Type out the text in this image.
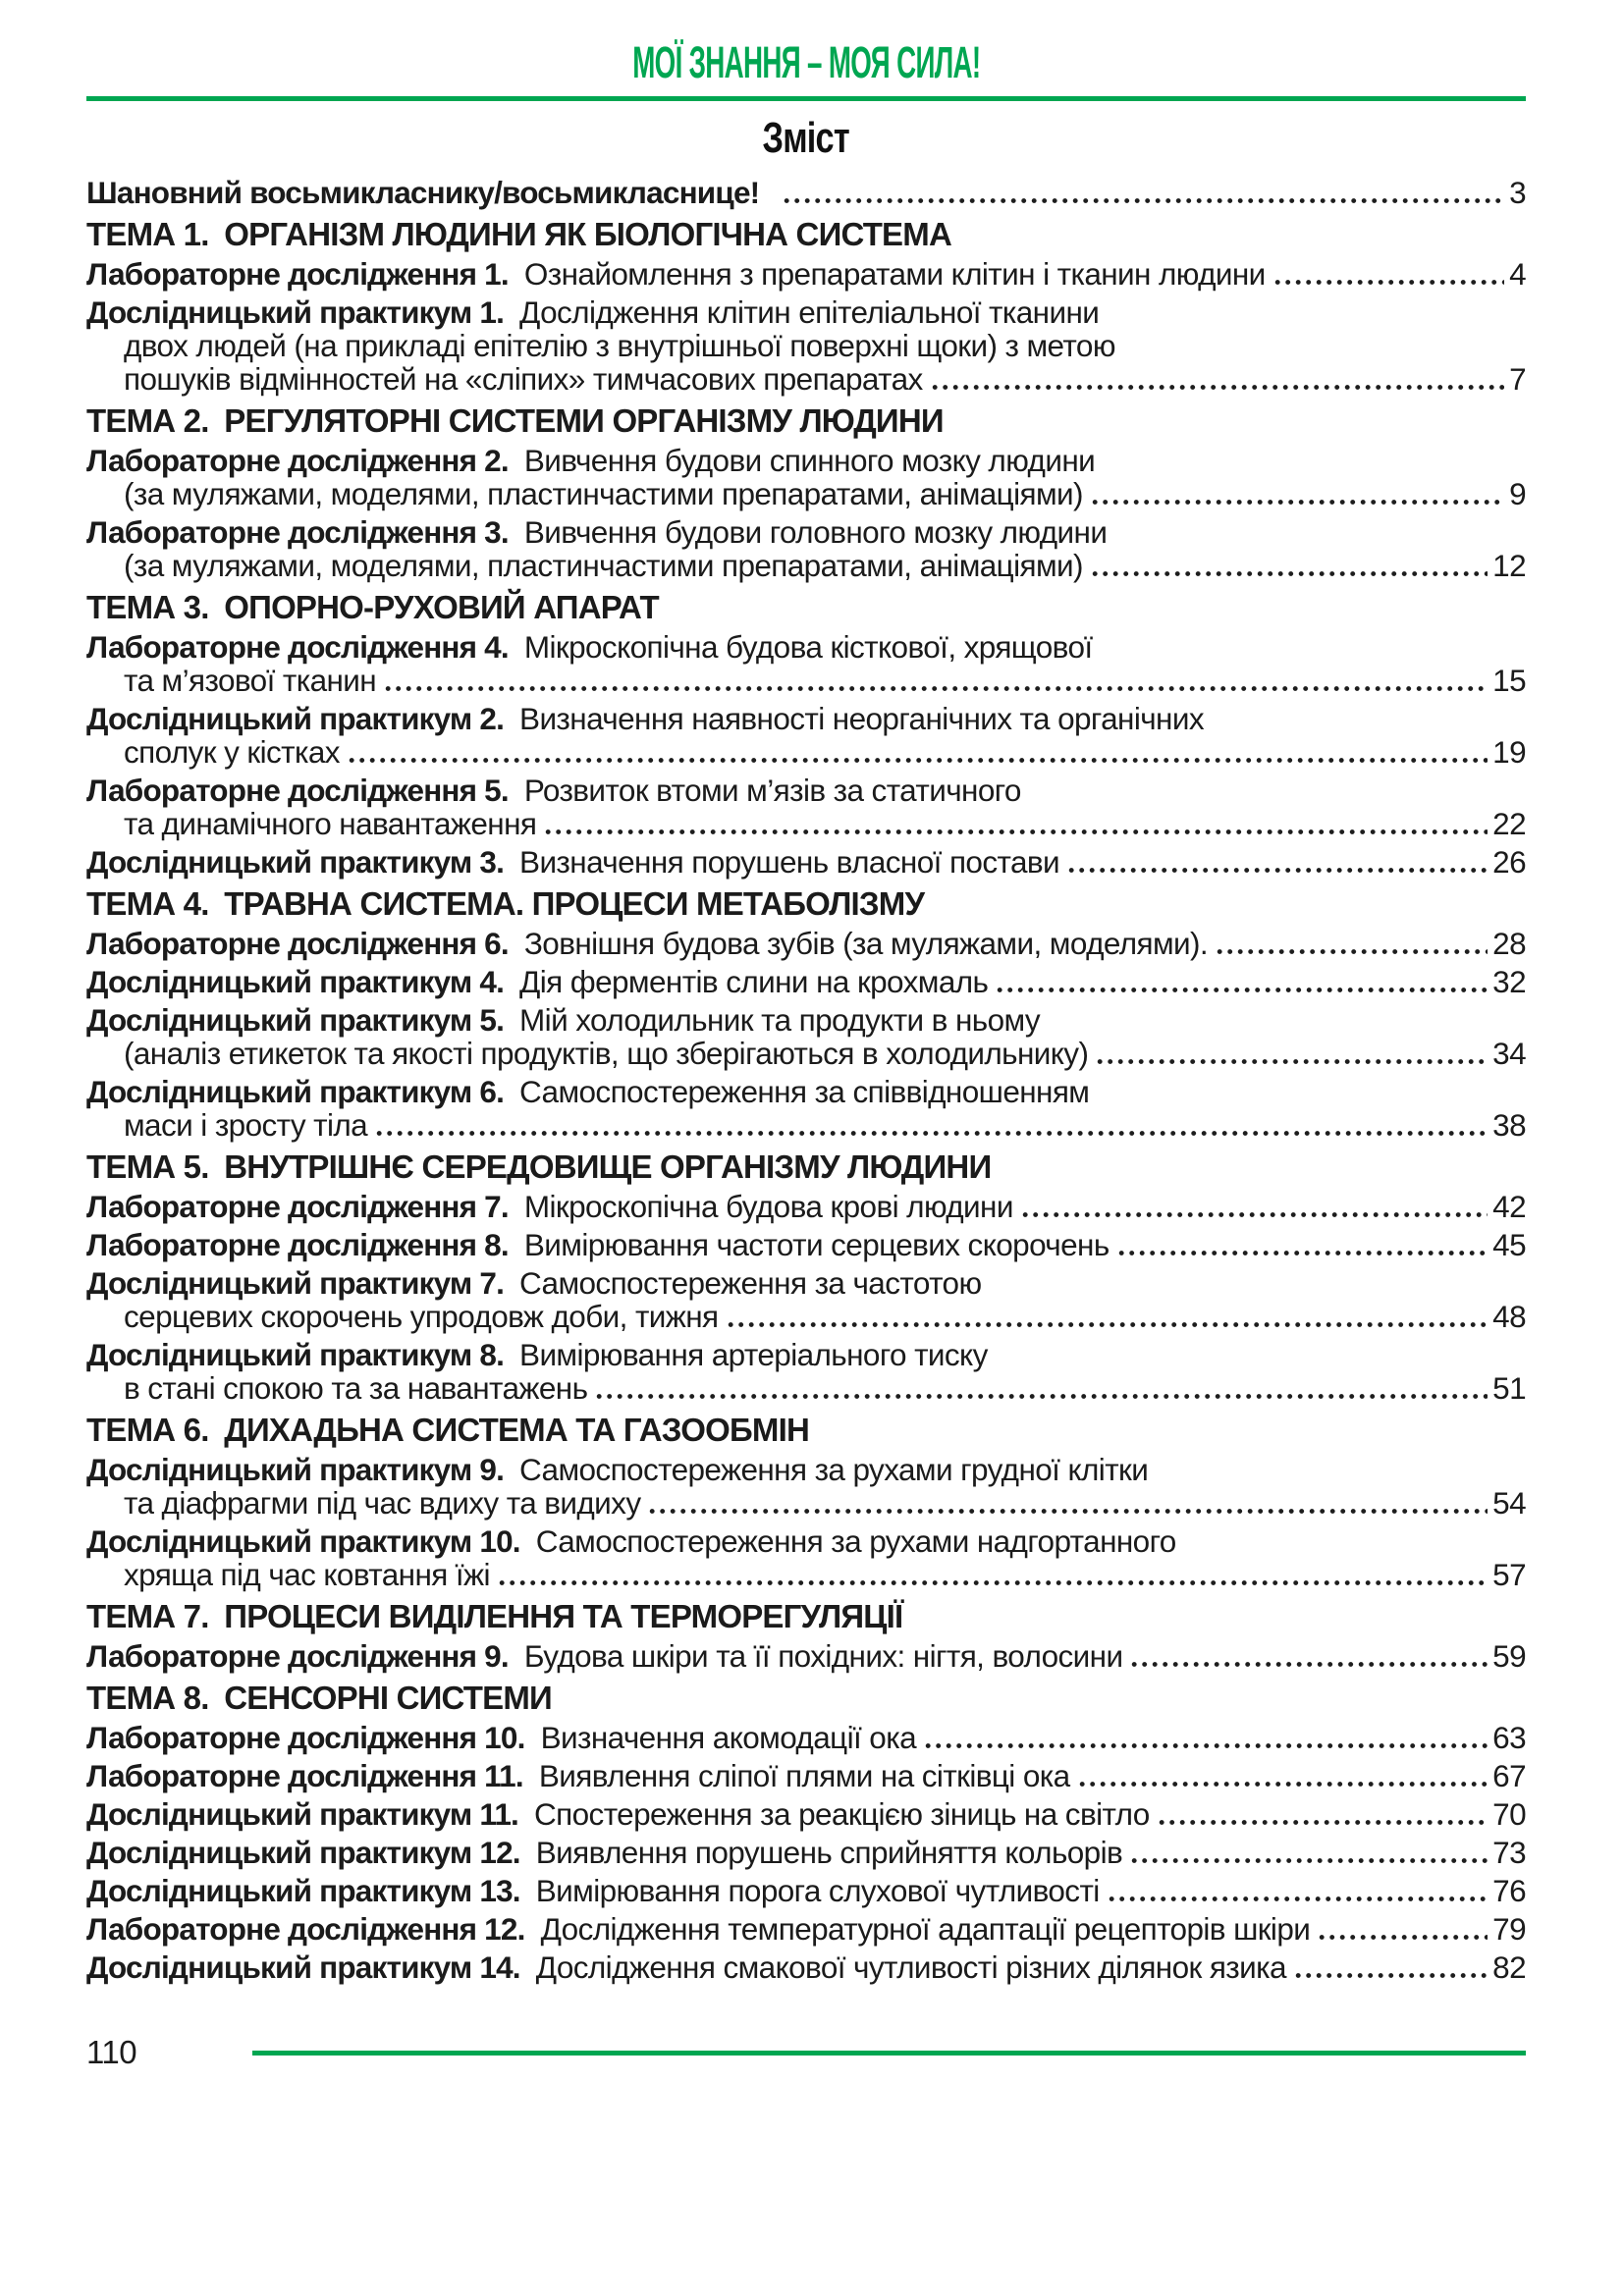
МОЇ ЗНАННЯ – МОЯ СИЛА!
Зміст
Шановний восьмикласнику/восьмикласнице!	3
ТЕМА 1. ОРГАНІЗМ ЛЮДИНИ ЯК БІОЛОГІЧНА СИСТЕМА
Лабораторне дослідження 1. Ознайомлення з препаратами клітин і тканин людини	4
Дослідницький практикум 1. Дослідження клітин епітеліальної тканини
двох людей (на прикладі епітелію з внутрішньої поверхні щоки) з метою
пошуків відмінностей на «сліпих» тимчасових препаратах	7
ТЕМА 2. РЕГУЛЯТОРНІ СИСТЕМИ ОРГАНІЗМУ ЛЮДИНИ
Лабораторне дослідження 2. Вивчення будови спинного мозку людини
(за муляжами, моделями, пластинчастими препаратами, анімаціями)	9
Лабораторне дослідження 3. Вивчення будови головного мозку людини
(за муляжами, моделями, пластинчастими препаратами, анімаціями)	12
ТЕМА 3. ОПОРНО-РУХОВИЙ АПАРАТ
Лабораторне дослідження 4. Мікроскопічна будова кісткової, хрящової
та м’язової тканин	15
Дослідницький практикум 2. Визначення наявності неорганічних та органічних
сполук у кістках	19
Лабораторне дослідження 5. Розвиток втоми м’язів за статичного
та динамічного навантаження	22
Дослідницький практикум 3. Визначення порушень власної постави	26
ТЕМА 4. ТРАВНА СИСТЕМА. ПРОЦЕСИ МЕТАБОЛІЗМУ
Лабораторне дослідження 6. Зовнішня будова зубів (за муляжами, моделями).	28
Дослідницький практикум 4. Дія ферментів слини на крохмаль	32
Дослідницький практикум 5. Мій холодильник та продукти в ньому
(аналіз етикеток та якості продуктів, що зберігаються в холодильнику)	34
Дослідницький практикум 6. Самоспостереження за співвідношенням
маси і зросту тіла	38
ТЕМА 5. ВНУТРІШНЄ СЕРЕДОВИЩЕ ОРГАНІЗМУ ЛЮДИНИ
Лабораторне дослідження 7. Мікроскопічна будова крові людини	42
Лабораторне дослідження 8. Вимірювання частоти серцевих скорочень	45
Дослідницький практикум 7. Самоспостереження за частотою
серцевих скорочень упродовж доби, тижня	48
Дослідницький практикум 8. Вимірювання артеріального тиску
в стані спокою та за навантажень	51
ТЕМА 6. ДИХАДЬНА СИСТЕМА ТА ГАЗООБМІН
Дослідницький практикум 9. Самоспостереження за рухами грудної клітки
та діафрагми під час вдиху та видиху	54
Дослідницький практикум 10. Самоспостереження за рухами надгортанного
хряща під час ковтання їжі	57
ТЕМА 7. ПРОЦЕСИ ВИДІЛЕННЯ ТА ТЕРМОРЕГУЛЯЦІЇ
Лабораторне дослідження 9. Будова шкіри та її похідних: нігтя, волосини	59
ТЕМА 8. СЕНСОРНІ СИСТЕМИ
Лабораторне дослідження 10. Визначення акомодації ока	63
Лабораторне дослідження 11. Виявлення сліпої плями на сітківці ока	67
Дослідницький практикум 11. Спостереження за реакцією зіниць на світло	70
Дослідницький практикум 12. Виявлення порушень сприйняття кольорів	73
Дослідницький практикум 13. Вимірювання порога слухової чутливості	76
Лабораторне дослідження 12. Дослідження температурної адаптації рецепторів шкіри	79
Дослідницький практикум 14. Дослідження смакової чутливості різних ділянок язика	82
110
